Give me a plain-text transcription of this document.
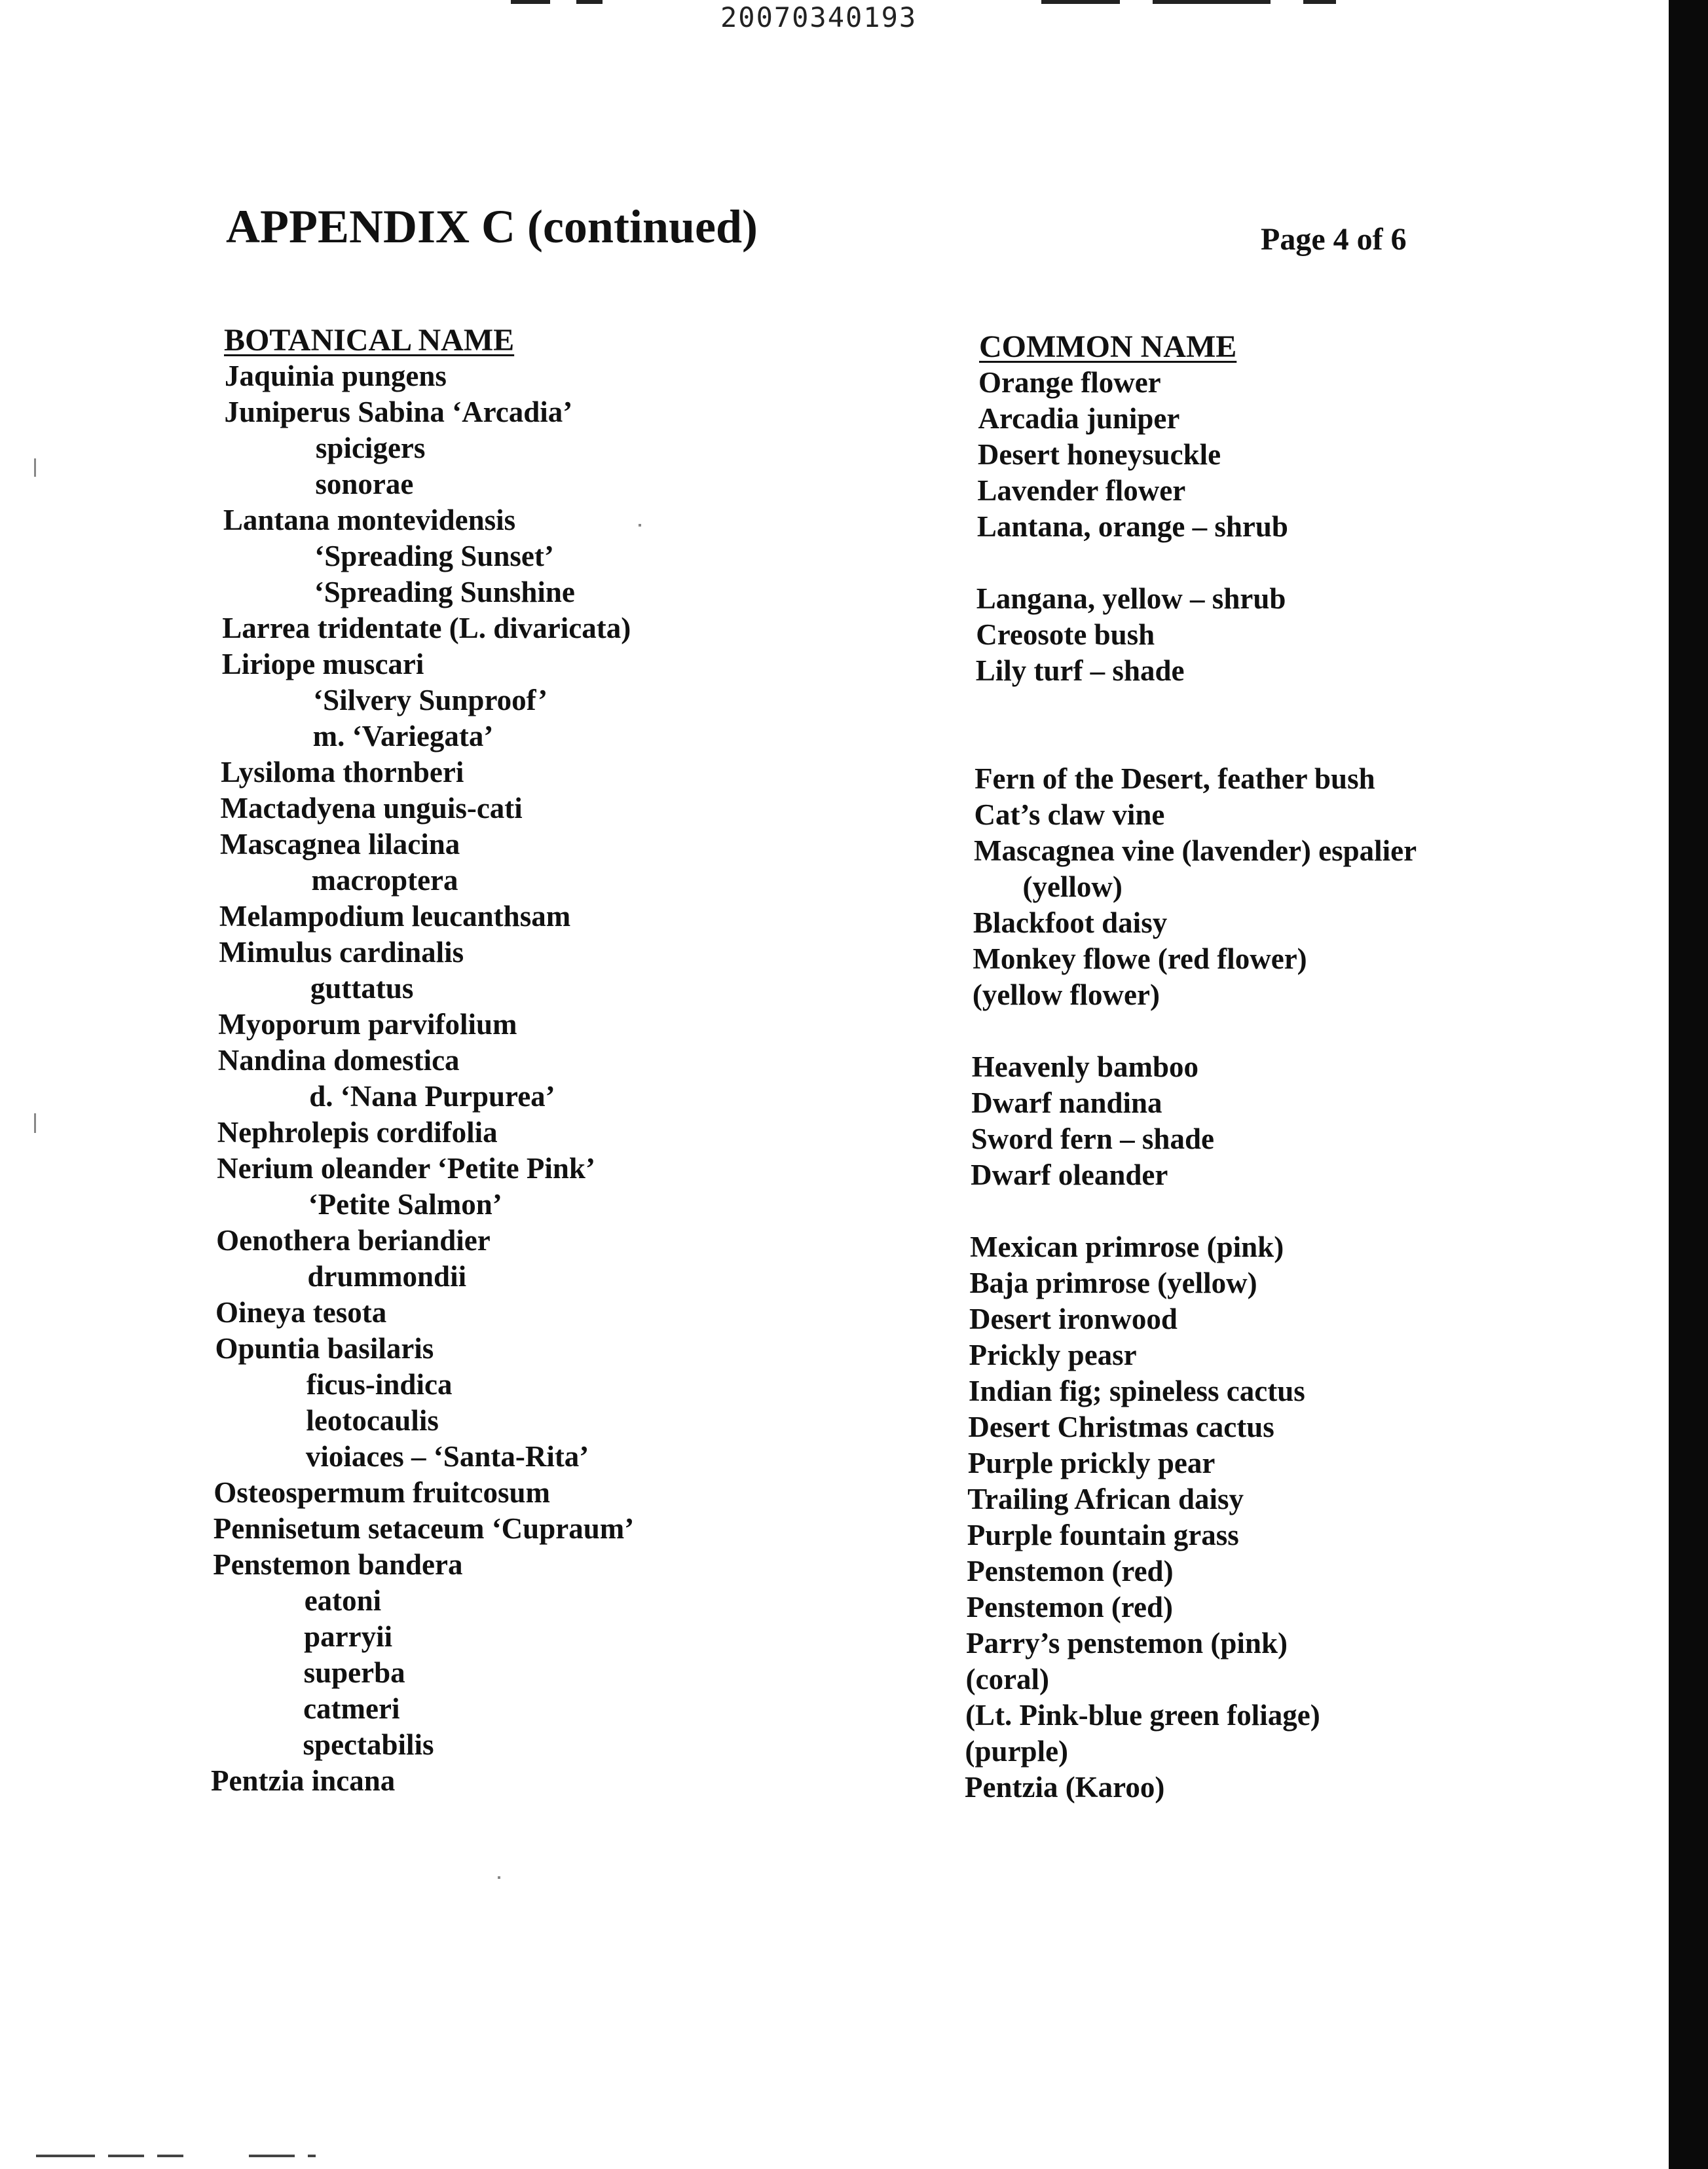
20070340193
APPENDIX C (continued)	Page 4 of 6
BOTANICAL NAME	COMMON NAME
Jaquinia pungens
Juniperus Sabina ‘Arcadia’
spicigers
sonorae
Lantana montevidensis
‘Spreading Sunset’
‘Spreading Sunshine
Larrea tridentate (L. divaricata)
Liriope muscari
‘Silvery Sunproof’
m. ‘Variegata’
Lysiloma thornberi
Mactadyena unguis-cati
Mascagnea lilacina
macroptera
Melampodium leucanthsam
Mimulus cardinalis
guttatus
Myoporum parvifolium
Nandina domestica
d. ‘Nana Purpurea’
Nephrolepis cordifolia
Nerium oleander ‘Petite Pink’
‘Petite Salmon’
Oenothera beriandier
drummondii
Oineya tesota
Opuntia basilaris
ficus-indica
leotocaulis
vioiaces – ‘Santa-Rita’
Osteospermum fruitcosum
Pennisetum setaceum ‘Cupraum’
Penstemon bandera
eatoni
parryii
superba
catmeri
spectabilis
Pentzia incana
Orange flower
Arcadia juniper
Desert honeysuckle
Lavender flower
Lantana, orange – shrub
Langana, yellow – shrub
Creosote bush
Lily turf – shade
Fern of the Desert, feather bush
Cat’s claw vine
Mascagnea vine (lavender) espalier
(yellow)
Blackfoot daisy
Monkey flowe (red flower)
(yellow flower)
Heavenly bamboo
Dwarf nandina
Sword fern – shade
Dwarf oleander
Mexican primrose (pink)
Baja primrose (yellow)
Desert ironwood
Prickly peasr
Indian fig; spineless cactus
Desert Christmas cactus
Purple prickly pear
Trailing African daisy
Purple fountain grass
Penstemon (red)
Penstemon (red)
Parry’s penstemon (pink)
(coral)
(Lt. Pink-blue green foliage)
(purple)
Pentzia (Karoo)
